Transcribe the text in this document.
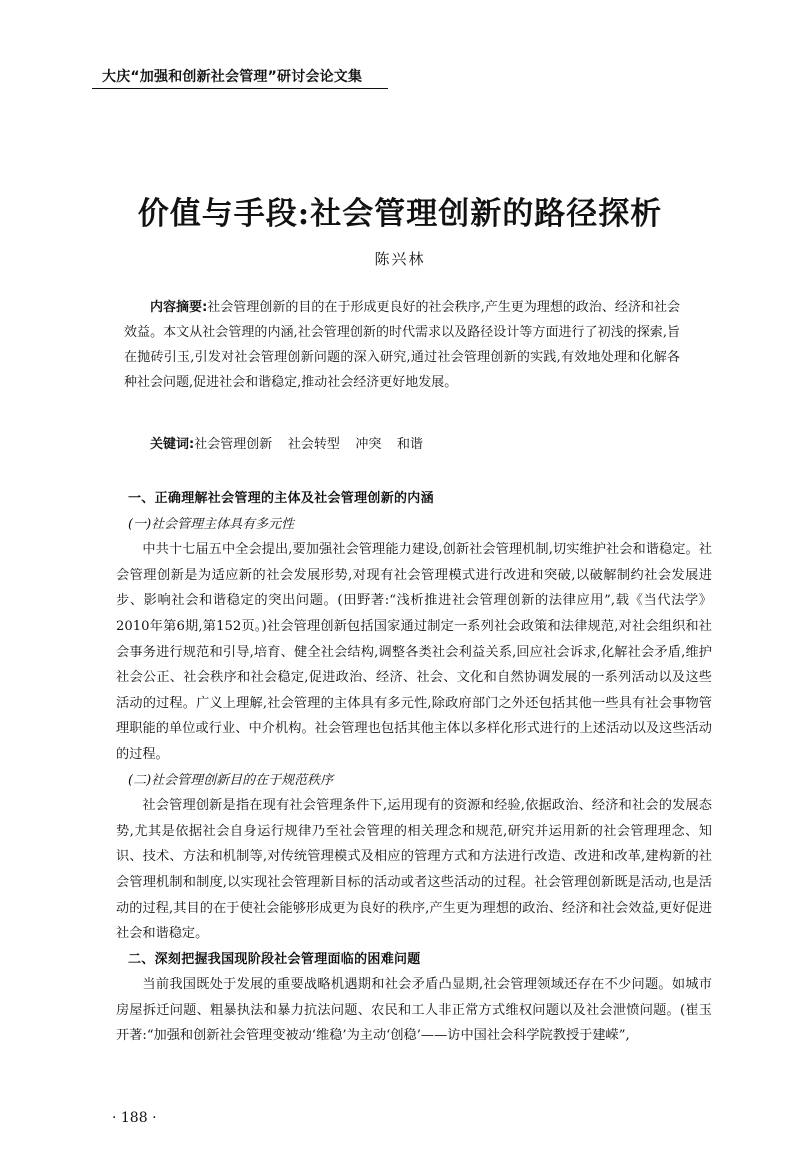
大庆“加强和创新社会管理”研讨会论文集
价值与手段:社会管理创新的路径探析
陈兴林
内容摘要:社会管理创新的目的在于形成更良好的社会秩序,产生更为理想的政治、经济和社会效益。本文从社会管理的内涵,社会管理创新的时代需求以及路径设计等方面进行了初浅的探索,旨在抛砖引玉,引发对社会管理创新问题的深入研究,通过社会管理创新的实践,有效地处理和化解各种社会问题,促进社会和谐稳定,推动社会经济更好地发展。
关键词:社会管理创新 社会转型 冲突 和谐
一、正确理解社会管理的主体及社会管理创新的内涵
(一)社会管理主体具有多元性

中共十七届五中全会提出,要加强社会管理能力建设,创新社会管理机制,切实维护社会和谐稳定。社会管理创新是为适应新的社会发展形势,对现有社会管理模式进行改进和突破,以破解制约社会发展进步、影响社会和谐稳定的突出问题。(田野著:“浅析推进社会管理创新的法律应用”,载《当代法学》2010年第6期,第152页。)社会管理创新包括国家通过制定一系列社会政策和法律规范,对社会组织和社会事务进行规范和引导,培育、健全社会结构,调整各类社会利益关系,回应社会诉求,化解社会矛盾,维护社会公正、社会秩序和社会稳定,促进政治、经济、社会、文化和自然协调发展的一系列活动以及这些活动的过程。广义上理解,社会管理的主体具有多元性,除政府部门之外还包括其他一些具有社会事物管理职能的单位或行业、中介机构。社会管理也包括其他主体以多样化形式进行的上述活动以及这些活动的过程。

(二)社会管理创新目的在于规范秩序

社会管理创新是指在现有社会管理条件下,运用现有的资源和经验,依据政治、经济和社会的发展态势,尤其是依据社会自身运行规律乃至社会管理的相关理念和规范,研究并运用新的社会管理理念、知识、技术、方法和机制等,对传统管理模式及相应的管理方式和方法进行改造、改进和改革,建构新的社会管理机制和制度,以实现社会管理新目标的活动或者这些活动的过程。社会管理创新既是活动,也是活动的过程,其目的在于使社会能够形成更为良好的秩序,产生更为理想的政治、经济和社会效益,更好促进社会和谐稳定。

二、深刻把握我国现阶段社会管理面临的困难问题

当前我国既处于发展的重要战略机遇期和社会矛盾凸显期,社会管理领域还存在不少问题。如城市房屋拆迁问题、粗暴执法和暴力抗法问题、农民和工人非正常方式维权问题以及社会泄愤问题。(崔玉开著:“加强和创新社会管理变被动‘维稳’为主动‘创稳’——访中国社会科学院教授于建嵘”,

· 188 ·
